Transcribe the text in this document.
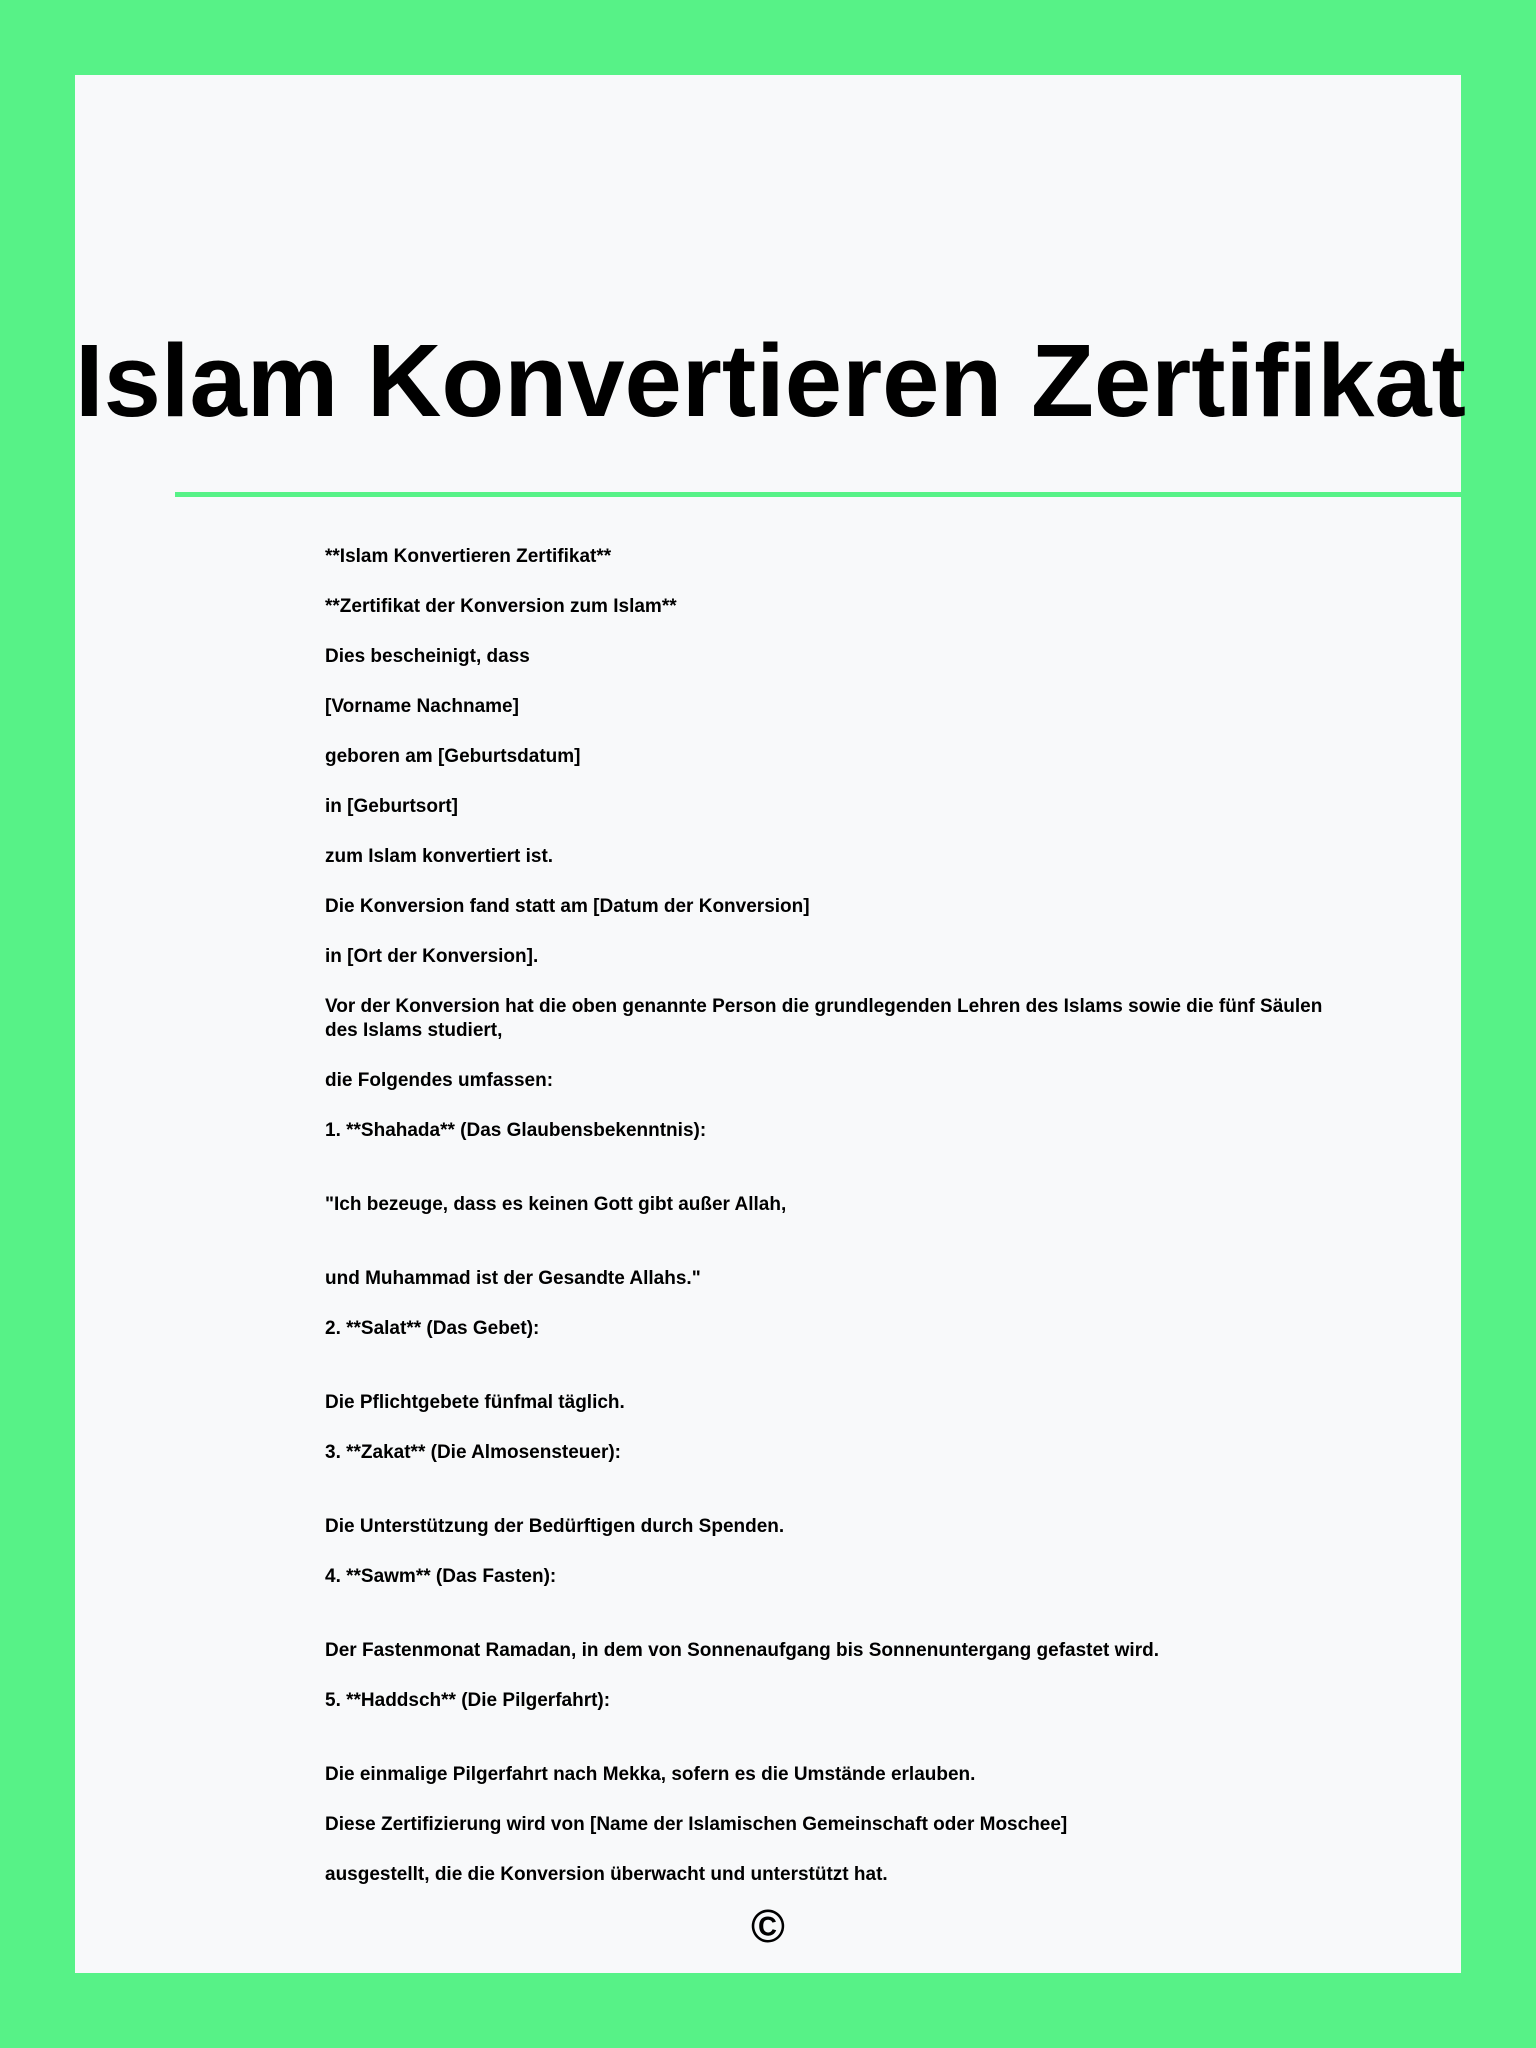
Islam Konvertieren Zertifikat

**Islam Konvertieren Zertifikat**

**Zertifikat der Konversion zum Islam**

Dies bescheinigt, dass

[Vorname Nachname]

geboren am [Geburtsdatum]

in [Geburtsort]

zum Islam konvertiert ist.

Die Konversion fand statt am [Datum der Konversion]

in [Ort der Konversion].

Vor der Konversion hat die oben genannte Person die grundlegenden Lehren des Islams sowie die fünf Säulen des Islams studiert,

die Folgendes umfassen:

1. **Shahada** (Das Glaubensbekenntnis):

"Ich bezeuge, dass es keinen Gott gibt außer Allah,

und Muhammad ist der Gesandte Allahs."

2. **Salat** (Das Gebet):

Die Pflichtgebete fünfmal täglich.

3. **Zakat** (Die Almosensteuer):

Die Unterstützung der Bedürftigen durch Spenden.

4. **Sawm** (Das Fasten):

Der Fastenmonat Ramadan, in dem von Sonnenaufgang bis Sonnenuntergang gefastet wird.

5. **Haddsch** (Die Pilgerfahrt):

Die einmalige Pilgerfahrt nach Mekka, sofern es die Umstände erlauben.

Diese Zertifizierung wird von [Name der Islamischen Gemeinschaft oder Moschee]

ausgestellt, die die Konversion überwacht und unterstützt hat.

©
